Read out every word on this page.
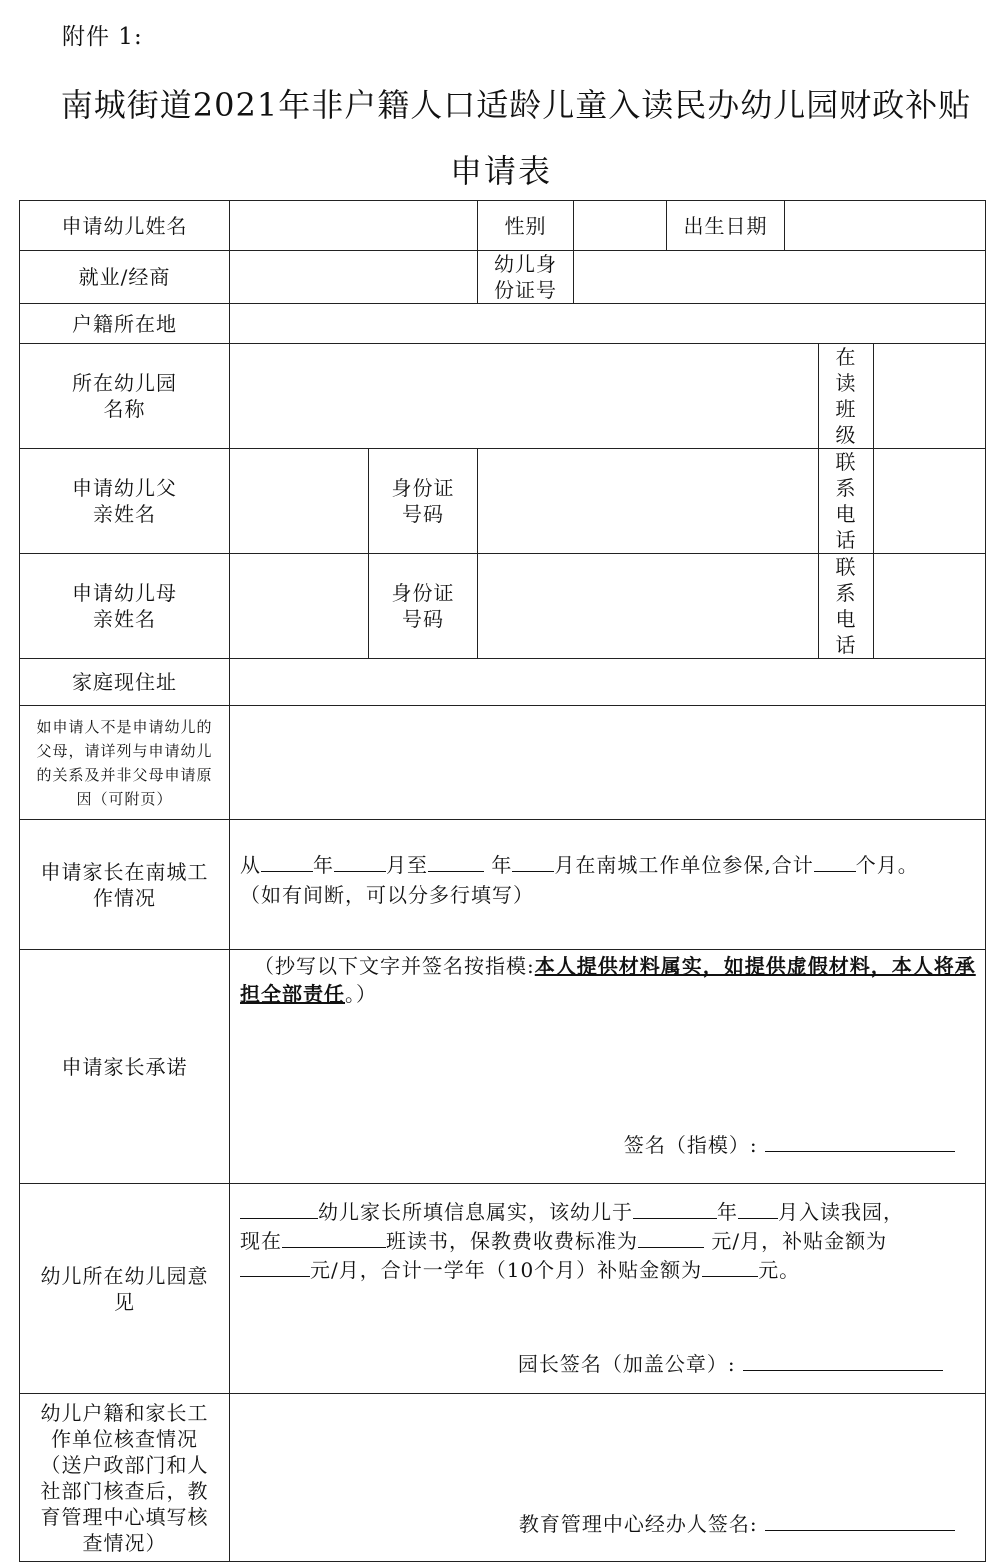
附件 1:
南城街道2021年非户籍人口适龄儿童入读民办幼儿园财政补贴
申请表
申请幼儿姓名			性别		出生日期			
就业/经商			幼儿身份证号					
户籍所在地								
所在幼儿园名称							在读班级	
申请幼儿父亲姓名		身份证号码					联系电话	
申请幼儿母亲姓名		身份证号码					联系电话	
家庭现住址								
如申请人不是申请幼儿的父母，请详列与申请幼儿的关系及并非父母申请原因（可附页）								
申请家长在南城工作情况	从 年 月至 年 月在南城工作单位参保,合计 个月。
（如有间断，可以分多行填写）							

申请家长承诺	（抄写以下文字并签名按指模:本人提供材料属实，如提供虚假材料，本人将承担全部责任。）
签名（指模）:							

幼儿所在幼儿园意见	幼儿家长所填信息属实，该幼儿于 年 月入读我园，
现在 班读书，保教费收费标准为 元/月，补贴金额为
元/月，合计一学年（10个月）补贴金额为 元。
园长签名（加盖公章）:							

幼儿户籍和家长工作单位核查情况（送户政部门和人社部门核查后，教育管理中心填写核查情况）	教育管理中心经办人签名:							
